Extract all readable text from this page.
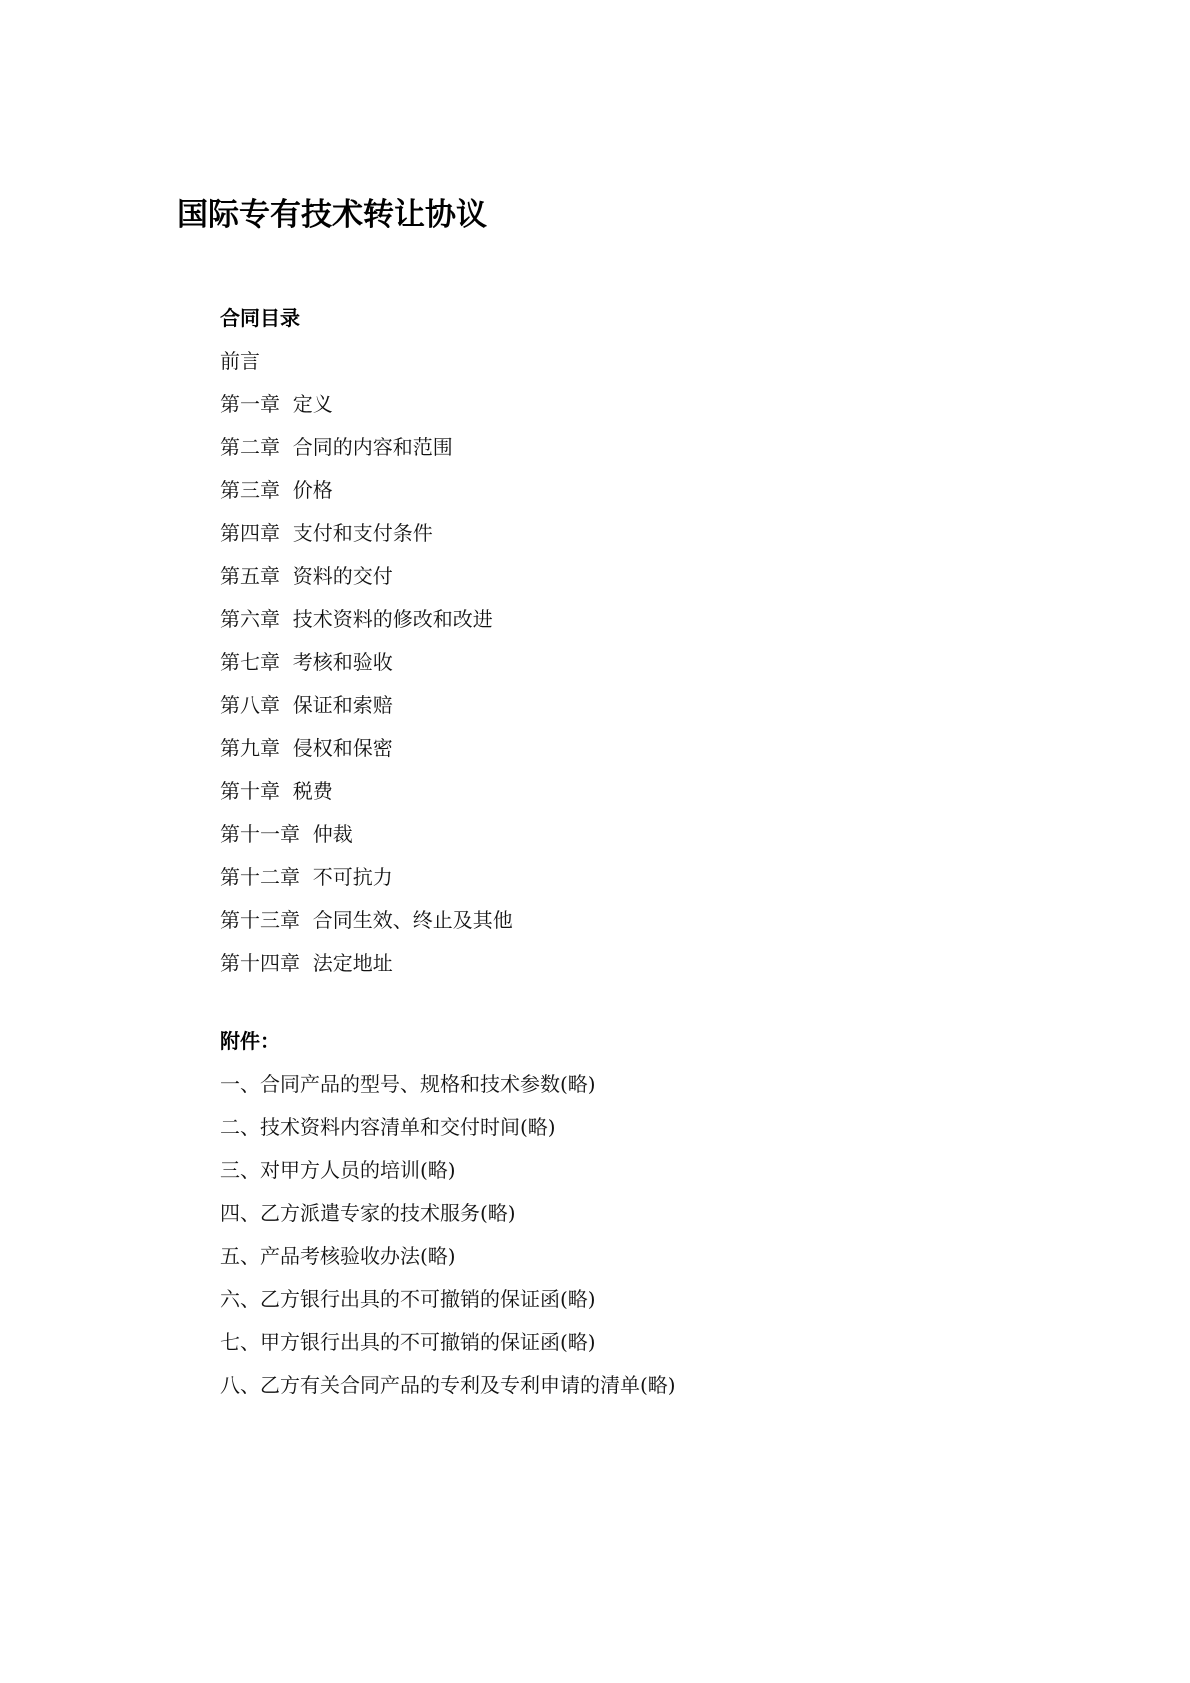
国际专有技术转让协议
合同目录
前言
第一章  定义
第二章  合同的内容和范围
第三章  价格
第四章  支付和支付条件
第五章  资料的交付
第六章  技术资料的修改和改进
第七章  考核和验收
第八章  保证和索赔
第九章  侵权和保密
第十章  税费
第十一章  仲裁
第十二章  不可抗力
第十三章  合同生效、终止及其他
第十四章  法定地址
附件：
一、合同产品的型号、规格和技术参数(略)
二、技术资料内容清单和交付时间(略)
三、对甲方人员的培训(略)
四、乙方派遣专家的技术服务(略)
五、产品考核验收办法(略)
六、乙方银行出具的不可撤销的保证函(略)
七、甲方银行出具的不可撤销的保证函(略)
八、乙方有关合同产品的专利及专利申请的清单(略)
